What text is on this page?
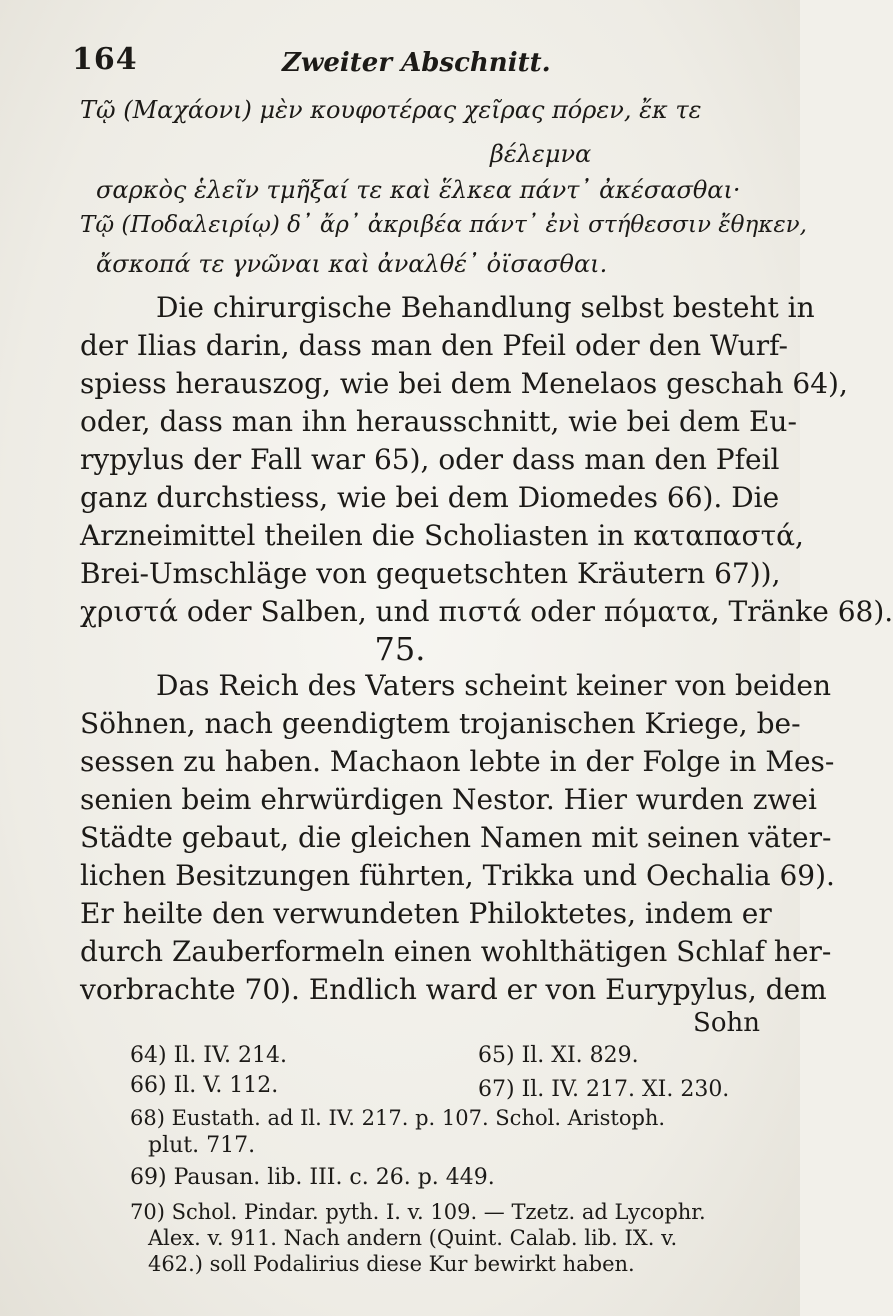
164	Zweiter Abschnitt.
Τῷ (Μαχάονι) μὲν κουφοτέρας χεῖρας πόρεν, ἔκ τε
βέλεμνα
σαρκὸς ἑλεῖν τμῆξαί τε καὶ ἕλκεα πάντ᾽ ἀκέσασθαι·
Τῷ (Ποδαλειρίῳ) δ᾽ ἄρ᾽ ἀκριβέα πάντ᾽ ἐνὶ στήθεσσιν ἔθηκεν,
ἄσκοπά τε γνῶναι καὶ ἀναλθέ᾽ ὀϊσασθαι.
Die chirurgische Behandlung selbst besteht in
der Ilias darin, dass man den Pfeil oder den Wurf-
spiess herauszog, wie bei dem Menelaos geschah 64),
oder, dass man ihn herausschnitt, wie bei dem Eu-
rypylus der Fall war 65), oder dass man den Pfeil
ganz durchstiess, wie bei dem Diomedes 66). Die
Arzneimittel theilen die Scholiasten in καταπαστά,
Brei-Umschläge von gequetschten Kräutern 67)),
χριστά oder Salben, und πιστά oder πόματα, Tränke 68).
75.
Das Reich des Vaters scheint keiner von beiden
Söhnen, nach geendigtem trojanischen Kriege, be-
sessen zu haben. Machaon lebte in der Folge in Mes-
senien beim ehrwürdigen Nestor. Hier wurden zwei
Städte gebaut, die gleichen Namen mit seinen väter-
lichen Besitzungen führten, Trikka und Oechalia 69).
Er heilte den verwundeten Philoktetes, indem er
durch Zauberformeln einen wohlthätigen Schlaf her-
vorbrachte 70). Endlich ward er von Eurypylus, dem
Sohn
64) Il. IV. 214.	65) Il. XI. 829.
66) Il. V. 112.	67) Il. IV. 217. XI. 230.
68) Eustath. ad Il. IV. 217. p. 107. Schol. Aristoph.
plut. 717.
69) Pausan. lib. III. c. 26. p. 449.
70) Schol. Pindar. pyth. I. v. 109. — Tzetz. ad Lycophr.
Alex. v. 911. Nach andern (Quint. Calab. lib. IX. v.
462.) soll Podalirius diese Kur bewirkt haben.
